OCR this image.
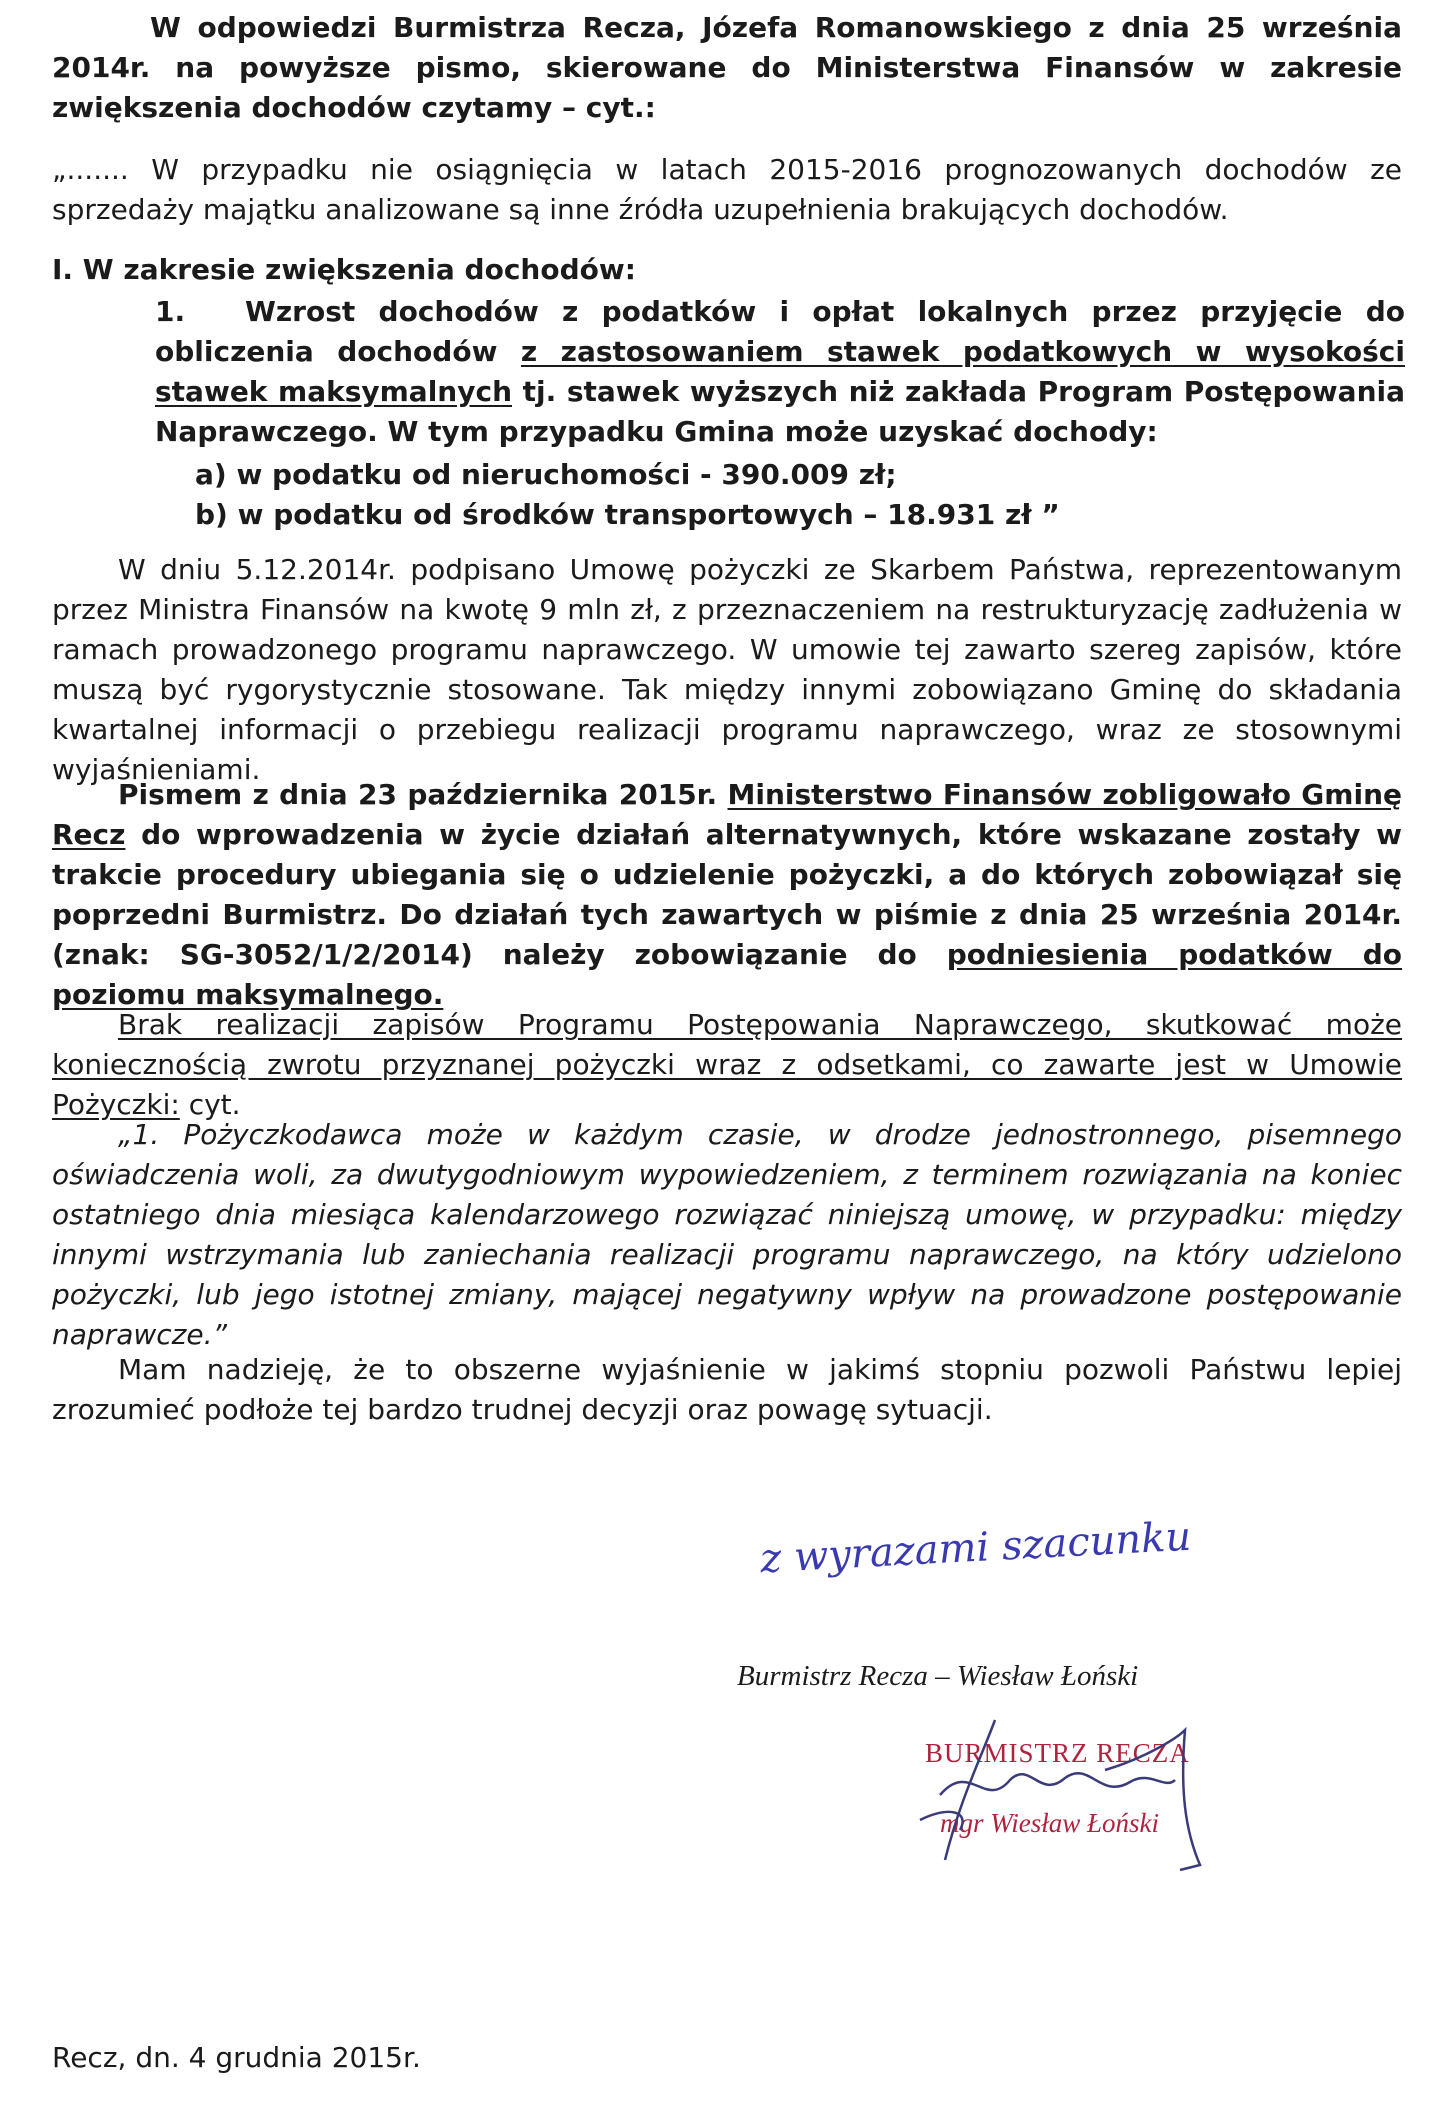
W odpowiedzi Burmistrza Recza, Józefa Romanowskiego z dnia 25 września 2014r. na powyższe pismo, skierowane do Ministerstwa Finansów w zakresie zwiększenia dochodów czytamy – cyt.:

„....... W przypadku nie osiągnięcia w latach 2015-2016 prognozowanych dochodów ze sprzedaży majątku analizowane są inne źródła uzupełnienia brakujących dochodów.

I. W zakresie zwiększenia dochodów:

1. Wzrost dochodów z podatków i opłat lokalnych przez przyjęcie do obliczenia dochodów z zastosowaniem stawek podatkowych w wysokości stawek maksymalnych tj. stawek wyższych niż zakłada Program Postępowania Naprawczego. W tym przypadku Gmina może uzyskać dochody:

a) w podatku od nieruchomości - 390.009 zł;

b) w podatku od środków transportowych – 18.931 zł ”

W dniu 5.12.2014r. podpisano Umowę pożyczki ze Skarbem Państwa, reprezentowanym przez Ministra Finansów na kwotę 9 mln zł, z przeznaczeniem na restrukturyzację zadłużenia w ramach prowadzonego programu naprawczego. W umowie tej zawarto szereg zapisów, które muszą być rygorystycznie stosowane. Tak między innymi zobowiązano Gminę do składania kwartalnej informacji o przebiegu realizacji programu naprawczego, wraz ze stosownymi wyjaśnieniami.

Pismem z dnia 23 października 2015r. Ministerstwo Finansów zobligowało Gminę Recz do wprowadzenia w życie działań alternatywnych, które wskazane zostały w trakcie procedury ubiegania się o udzielenie pożyczki, a do których zobowiązał się poprzedni Burmistrz. Do działań tych zawartych w piśmie z dnia 25 września 2014r. (znak: SG-3052/1/2/2014) należy zobowiązanie do podniesienia podatków do poziomu maksymalnego.

Brak realizacji zapisów Programu Postępowania Naprawczego, skutkować może koniecznością zwrotu przyznanej pożyczki wraz z odsetkami, co zawarte jest w Umowie Pożyczki: cyt.

„1. Pożyczkodawca może w każdym czasie, w drodze jednostronnego, pisemnego oświadczenia woli, za dwutygodniowym wypowiedzeniem, z terminem rozwiązania na koniec ostatniego dnia miesiąca kalendarzowego rozwiązać niniejszą umowę, w przypadku: między innymi wstrzymania lub zaniechania realizacji programu naprawczego, na który udzielono pożyczki, lub jego istotnej zmiany, mającej negatywny wpływ na prowadzone postępowanie naprawcze.”

Mam nadzieję, że to obszerne wyjaśnienie w jakimś stopniu pozwoli Państwu lepiej zrozumieć podłoże tej bardzo trudnej decyzji oraz powagę sytuacji.

z wyrazami szacunku
Burmistrz Recza – Wiesław Łoński
BURMISTRZ RECZA
mgr Wiesław Łoński

Recz, dn. 4 grudnia 2015r.
